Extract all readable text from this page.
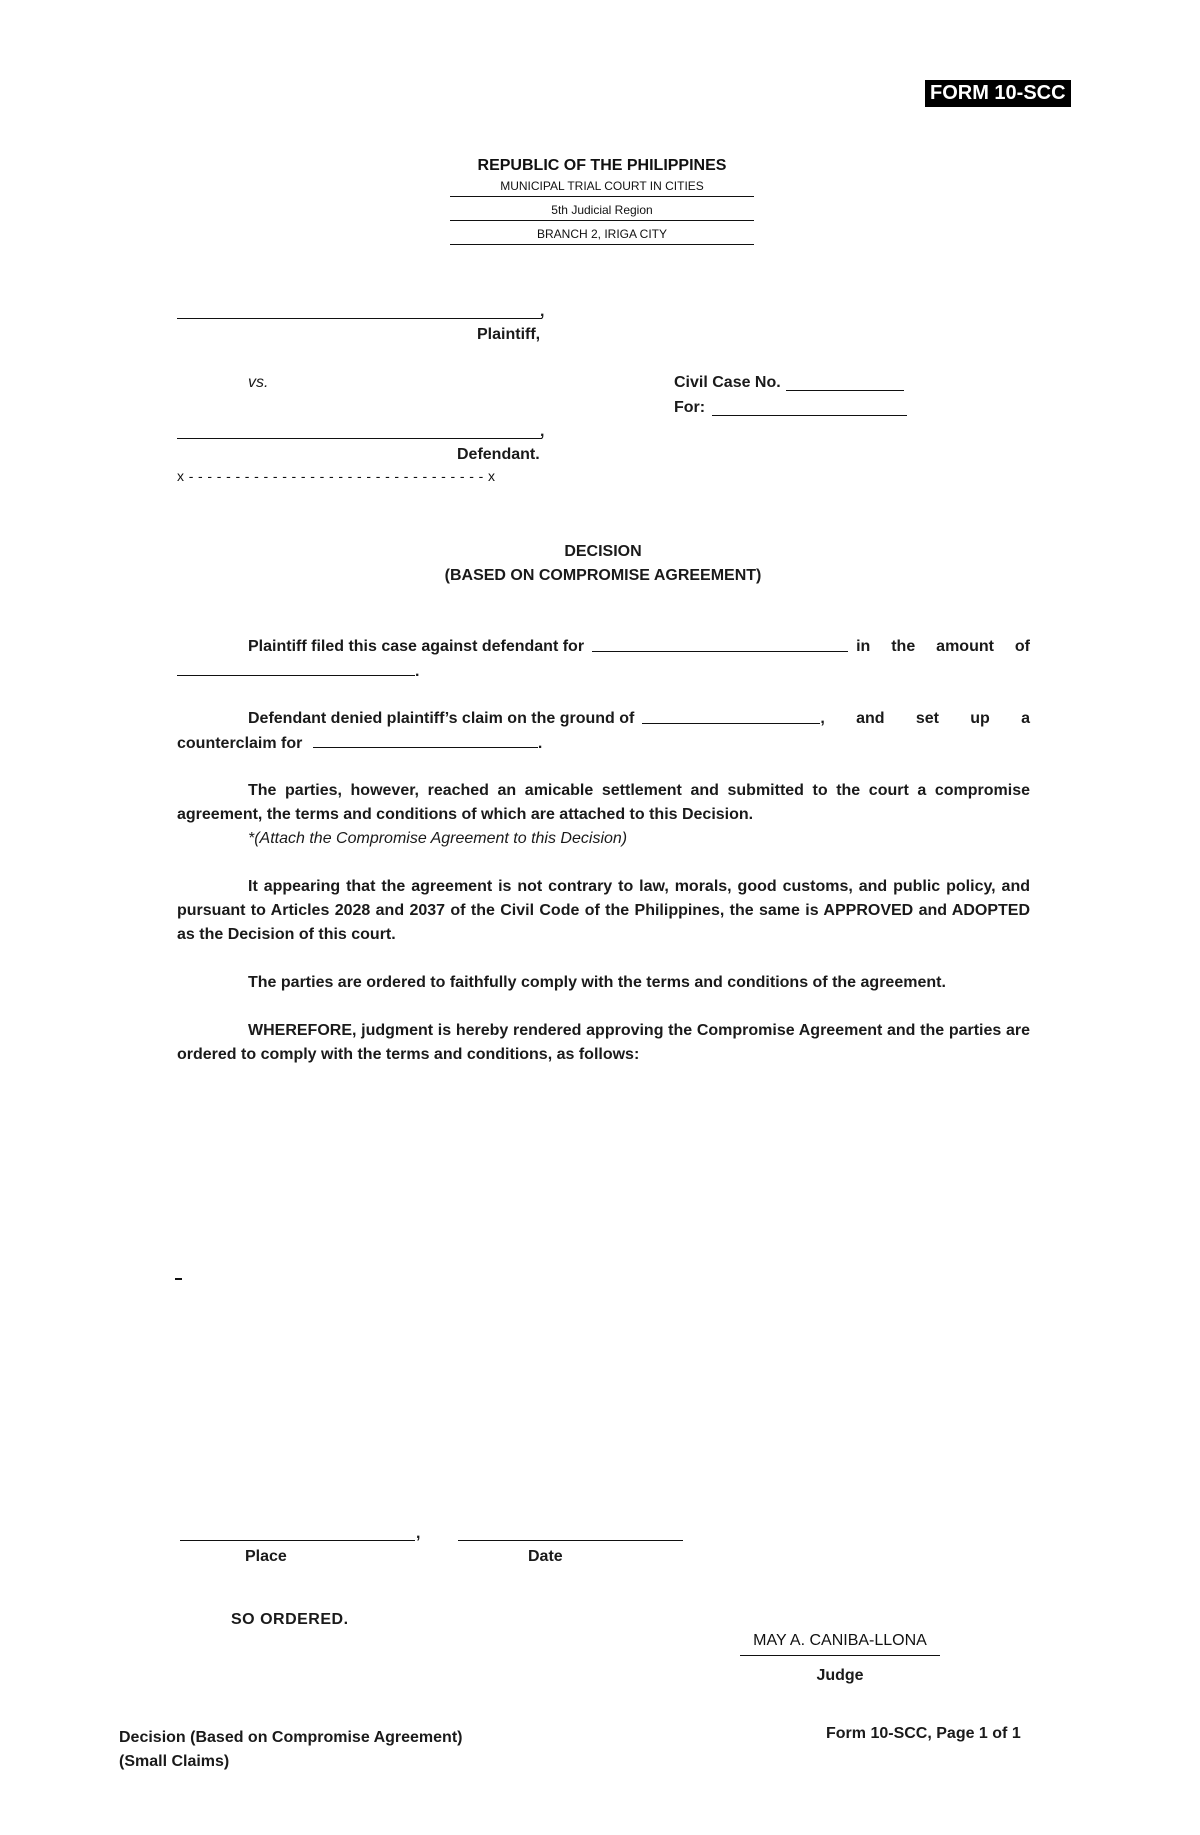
FORM 10-SCC
REPUBLIC OF THE PHILIPPINES
MUNICIPAL TRIAL COURT IN CITIES
5th Judicial Region
BRANCH 2, IRIGA CITY
,
Plaintiff,
vs.	Civil Case No.
For:
,
Defendant.
x - - - - - - - - - - - - - - - - - - - - - - - - - - - - - - - - x
DECISION
(BASED ON COMPROMISE AGREEMENT)
Plaintiff filed this case against defendant for	in the amount of
.
Defendant denied plaintiff’s claim on the ground of	, and set up a
counterclaim for	.
The parties, however, reached an amicable settlement and submitted to the court a compromise agreement, the terms and conditions of which are attached to this Decision.
*(Attach the Compromise Agreement to this Decision)
It appearing that the agreement is not contrary to law, morals, good customs, and public policy, and pursuant to Articles 2028 and 2037 of the Civil Code of the Philippines, the same is APPROVED and ADOPTED as the Decision of this court.
The parties are ordered to faithfully comply with the terms and conditions of the agreement.
WHEREFORE, judgment is hereby rendered approving the Compromise Agreement and the parties are ordered to comply with the terms and conditions, as follows:
,
Place	Date
SO ORDERED.
MAY A. CANIBA-LLONA
Judge
Decision (Based on Compromise Agreement)
(Small Claims)
Form 10-SCC, Page 1 of 1
